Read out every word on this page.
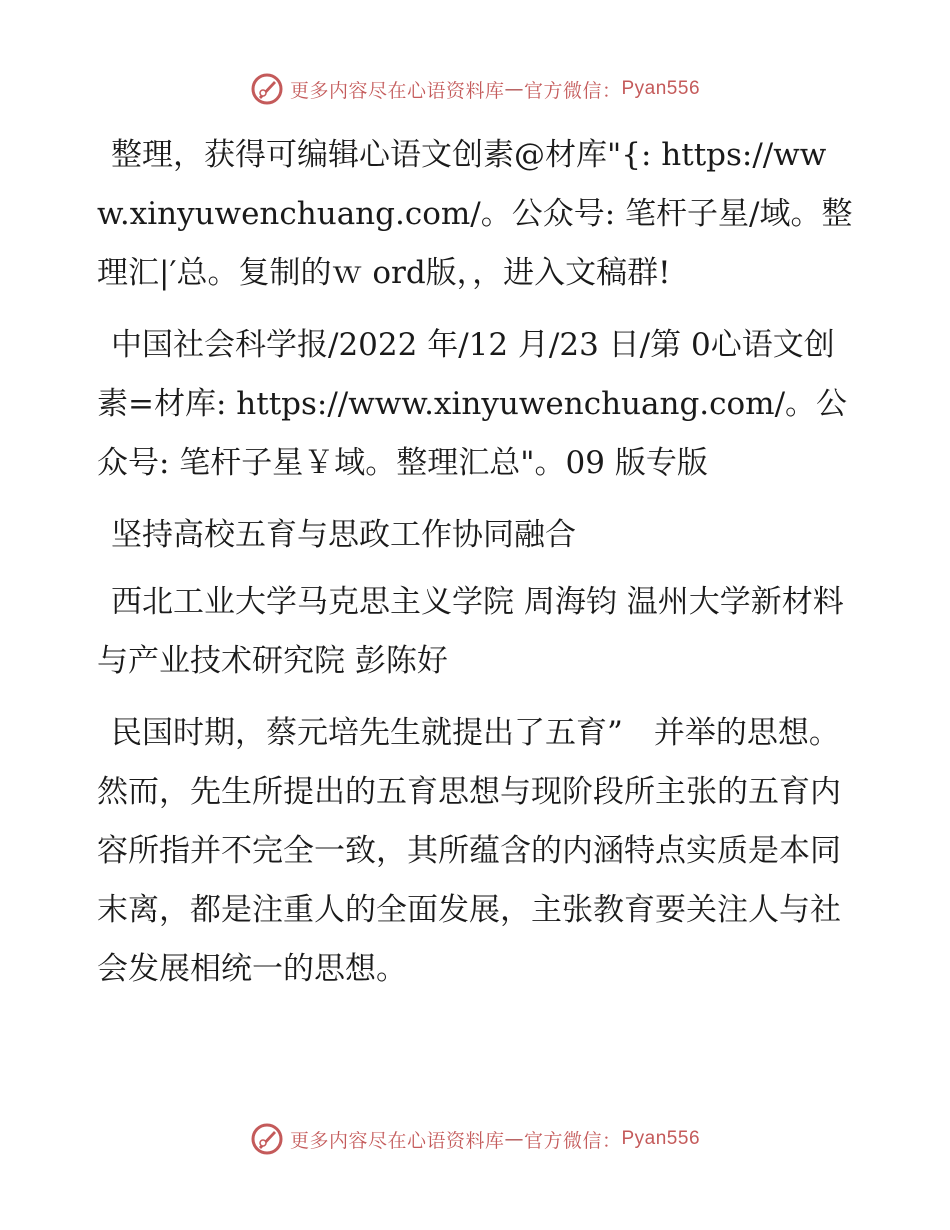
更多内容尽在心语资料库 — 官方微信： Pyan556

整理，获得可编辑心语文创素@材库"{: https://www.xinyuwenchuang.com/。公众号: 笔杆子星/域。整理汇|′总。复制的ｗ ord版，，进入文稿群!

中国社会科学报/2022 年/12 月/23 日/第 0心语文创素=材库: https://www.xinyuwenchuang.com/。公众号: 笔杆子星￥域。整理汇总"。09 版专版

坚持高校五育与思政工作协同融合

西北工业大学马克思主义学院 周海钧 温州大学新材料与产业技术研究院 彭陈好

民国时期，蔡元培先生就提出了五育”　并举的思想。然而，先生所提出的五育思想与现阶段所主张的五育内容所指并不完全一致，其所蕴含的内涵特点实质是本同末离，都是注重人的全面发展，主张教育要关注人与社会发展相统一的思想。

更多内容尽在心语资料库 — 官方微信： Pyan556
